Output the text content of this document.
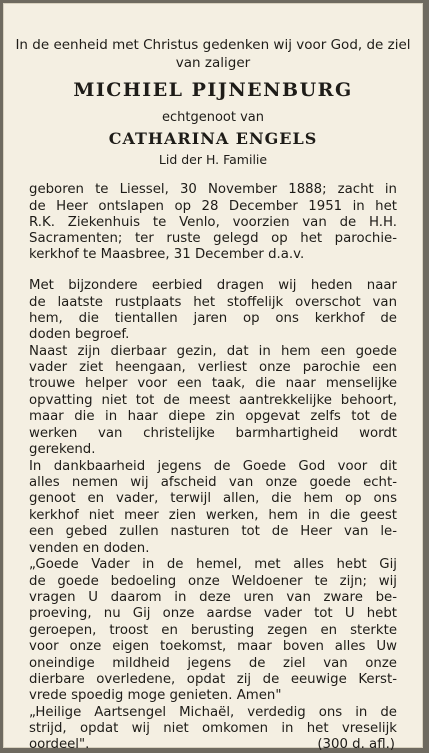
In de eenheid met Christus gedenken wij voor God, de ziel van zaliger
MICHIEL PIJNENBURG
echtgenoot van
CATHARINA ENGELS
Lid der H. Familie
geboren te Liessel, 30 November 1888; zacht in
de Heer ontslapen op 28 December 1951 in het
R.K. Ziekenhuis te Venlo, voorzien van de H.H.
Sacramenten; ter ruste gelegd op het parochie-
kerkhof te Maasbree, 31 December d.a.v.
Met bijzondere eerbied dragen wij heden naar
de laatste rustplaats het stoffelijk overschot van
hem, die tientallen jaren op ons kerkhof de
doden begroef.
Naast zijn dierbaar gezin, dat in hem een goede
vader ziet heengaan, verliest onze parochie een
trouwe helper voor een taak, die naar menselijke
opvatting niet tot de meest aantrekkelijke behoort,
maar die in haar diepe zin opgevat zelfs tot de
werken van christelijke barmhartigheid wordt
gerekend.
In dankbaarheid jegens de Goede God voor dit
alles nemen wij afscheid van onze goede echt-
genoot en vader, terwijl allen, die hem op ons
kerkhof niet meer zien werken, hem in die geest
een gebed zullen nasturen tot de Heer van le-
venden en doden.
„Goede Vader in de hemel, met alles hebt Gij
de goede bedoeling onze Weldoener te zijn; wij
vragen U daarom in deze uren van zware be-
proeving, nu Gij onze aardse vader tot U hebt
geroepen, troost en berusting zegen en sterkte
voor onze eigen toekomst, maar boven alles Uw
oneindige mildheid jegens de ziel van onze
dierbare overledene, opdat zij de eeuwige Kerst-
vrede spoedig moge genieten. Amen"
„Heilige Aartsengel Michaël, verdedig ons in de
strijd, opdat wij niet omkomen in het vreselijk
oordeel".	(300 d. afl.)
